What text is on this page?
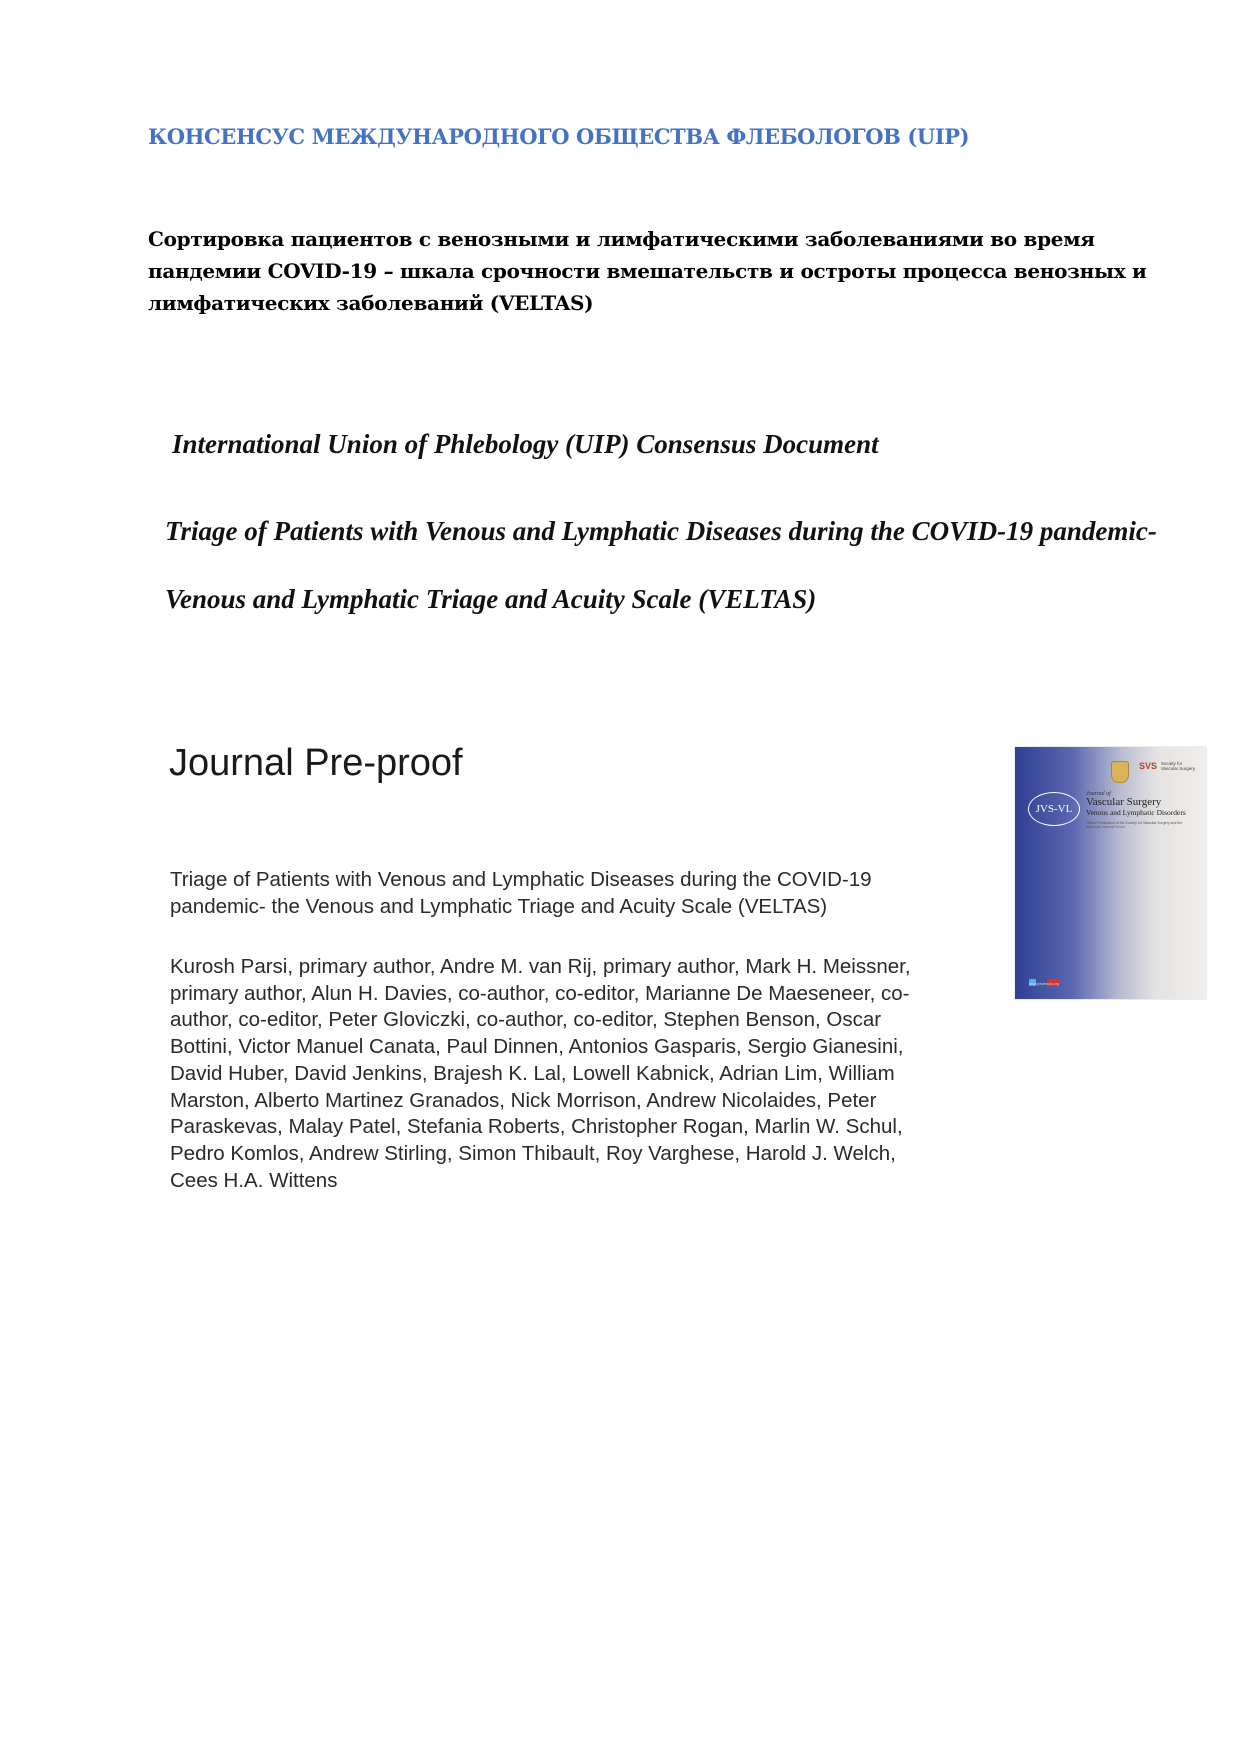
КОНСЕНСУС МЕЖДУНАРОДНОГО ОБЩЕСТВА ФЛЕБОЛОГОВ (UIP)
Сортировка пациентов с венозными и лимфатическими заболеваниями во время
пандемии COVID-19 – шкала срочности вмешательств и остроты процесса венозных и
лимфатических заболеваний (VELTAS)
International Union of Phlebology (UIP) Consensus Document
Triage of Patients with Venous and Lymphatic Diseases during the COVID-19 pandemic-
Venous and Lymphatic Triage and Acuity Scale (VELTAS)
Journal Pre-proof
Triage of Patients with Venous and Lymphatic Diseases during the COVID-19
pandemic- the Venous and Lymphatic Triage and Acuity Scale (VELTAS)
Kurosh Parsi, primary author, Andre M. van Rij, primary author, Mark H. Meissner,
primary author, Alun H. Davies, co-author, co-editor, Marianne De Maeseneer, co-
author, co-editor, Peter Gloviczki, co-author, co-editor, Stephen Benson, Oscar
Bottini, Victor Manuel Canata, Paul Dinnen, Antonios Gasparis, Sergio Gianesini,
David Huber, David Jenkins, Brajesh K. Lal, Lowell Kabnick, Adrian Lim, William
Marston, Alberto Martinez Granados, Nick Morrison, Andrew Nicolaides, Peter
Paraskevas, Malay Patel, Stefania Roberts, Christopher Rogan, Marlin W. Schul,
Pedro Komlos, Andrew Stirling, Simon Thibault, Roy Varghese, Harold J. Welch,
Cees H.A. Wittens
SVS Society for Vascular Surgery
JVS-VL
Journal of
Vascular Surgery
Venous and Lymphatic Disorders
Official Publication of the Society for Vascular Surgery and the American Venous Forum
www.jvsvenous.org
